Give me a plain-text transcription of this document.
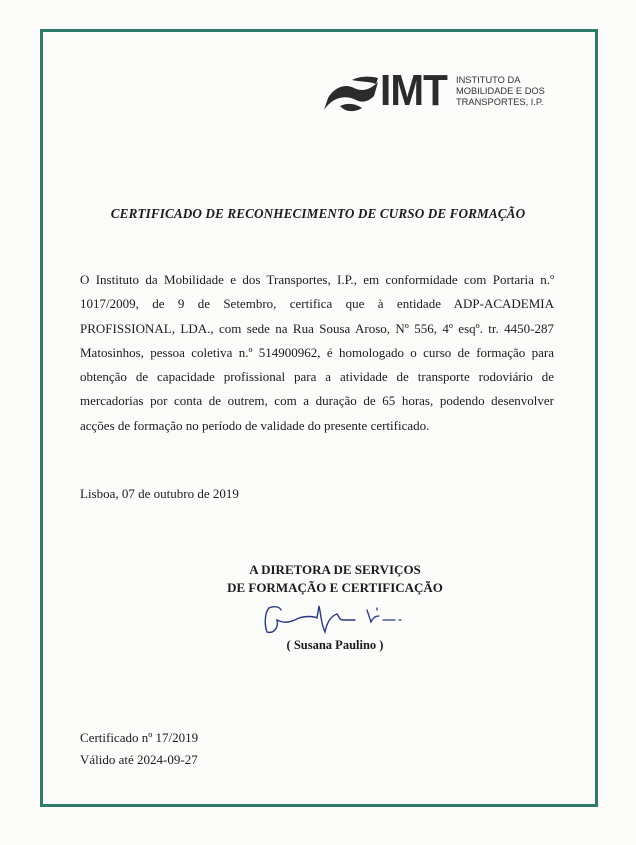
IMT INSTITUTO DA
MOBILIDADE E DOS
TRANSPORTES, I.P.
CERTIFICADO DE RECONHECIMENTO DE CURSO DE FORMAÇÃO
O Instituto da Mobilidade e dos Transportes, I.P., em conformidade com Portaria n.º
1017/2009, de 9 de Setembro, certifica que à entidade ADP-ACADEMIA
PROFISSIONAL, LDA., com sede na Rua Sousa Aroso, Nº 556, 4º esqº. tr. 4450-287
Matosinhos, pessoa coletiva n.º 514900962, é homologado o curso de formação para
obtenção de capacidade profissional para a atividade de transporte rodoviário de
mercadorias por conta de outrem, com a duração de 65 horas, podendo desenvolver
acções de formação no período de validade do presente certificado.
Lisboa, 07 de outubro de 2019
A DIRETORA DE SERVIÇOS
DE FORMAÇÃO E CERTIFICAÇÃO
( Susana Paulino )
Certificado nº 17/2019
Válido até 2024-09-27
